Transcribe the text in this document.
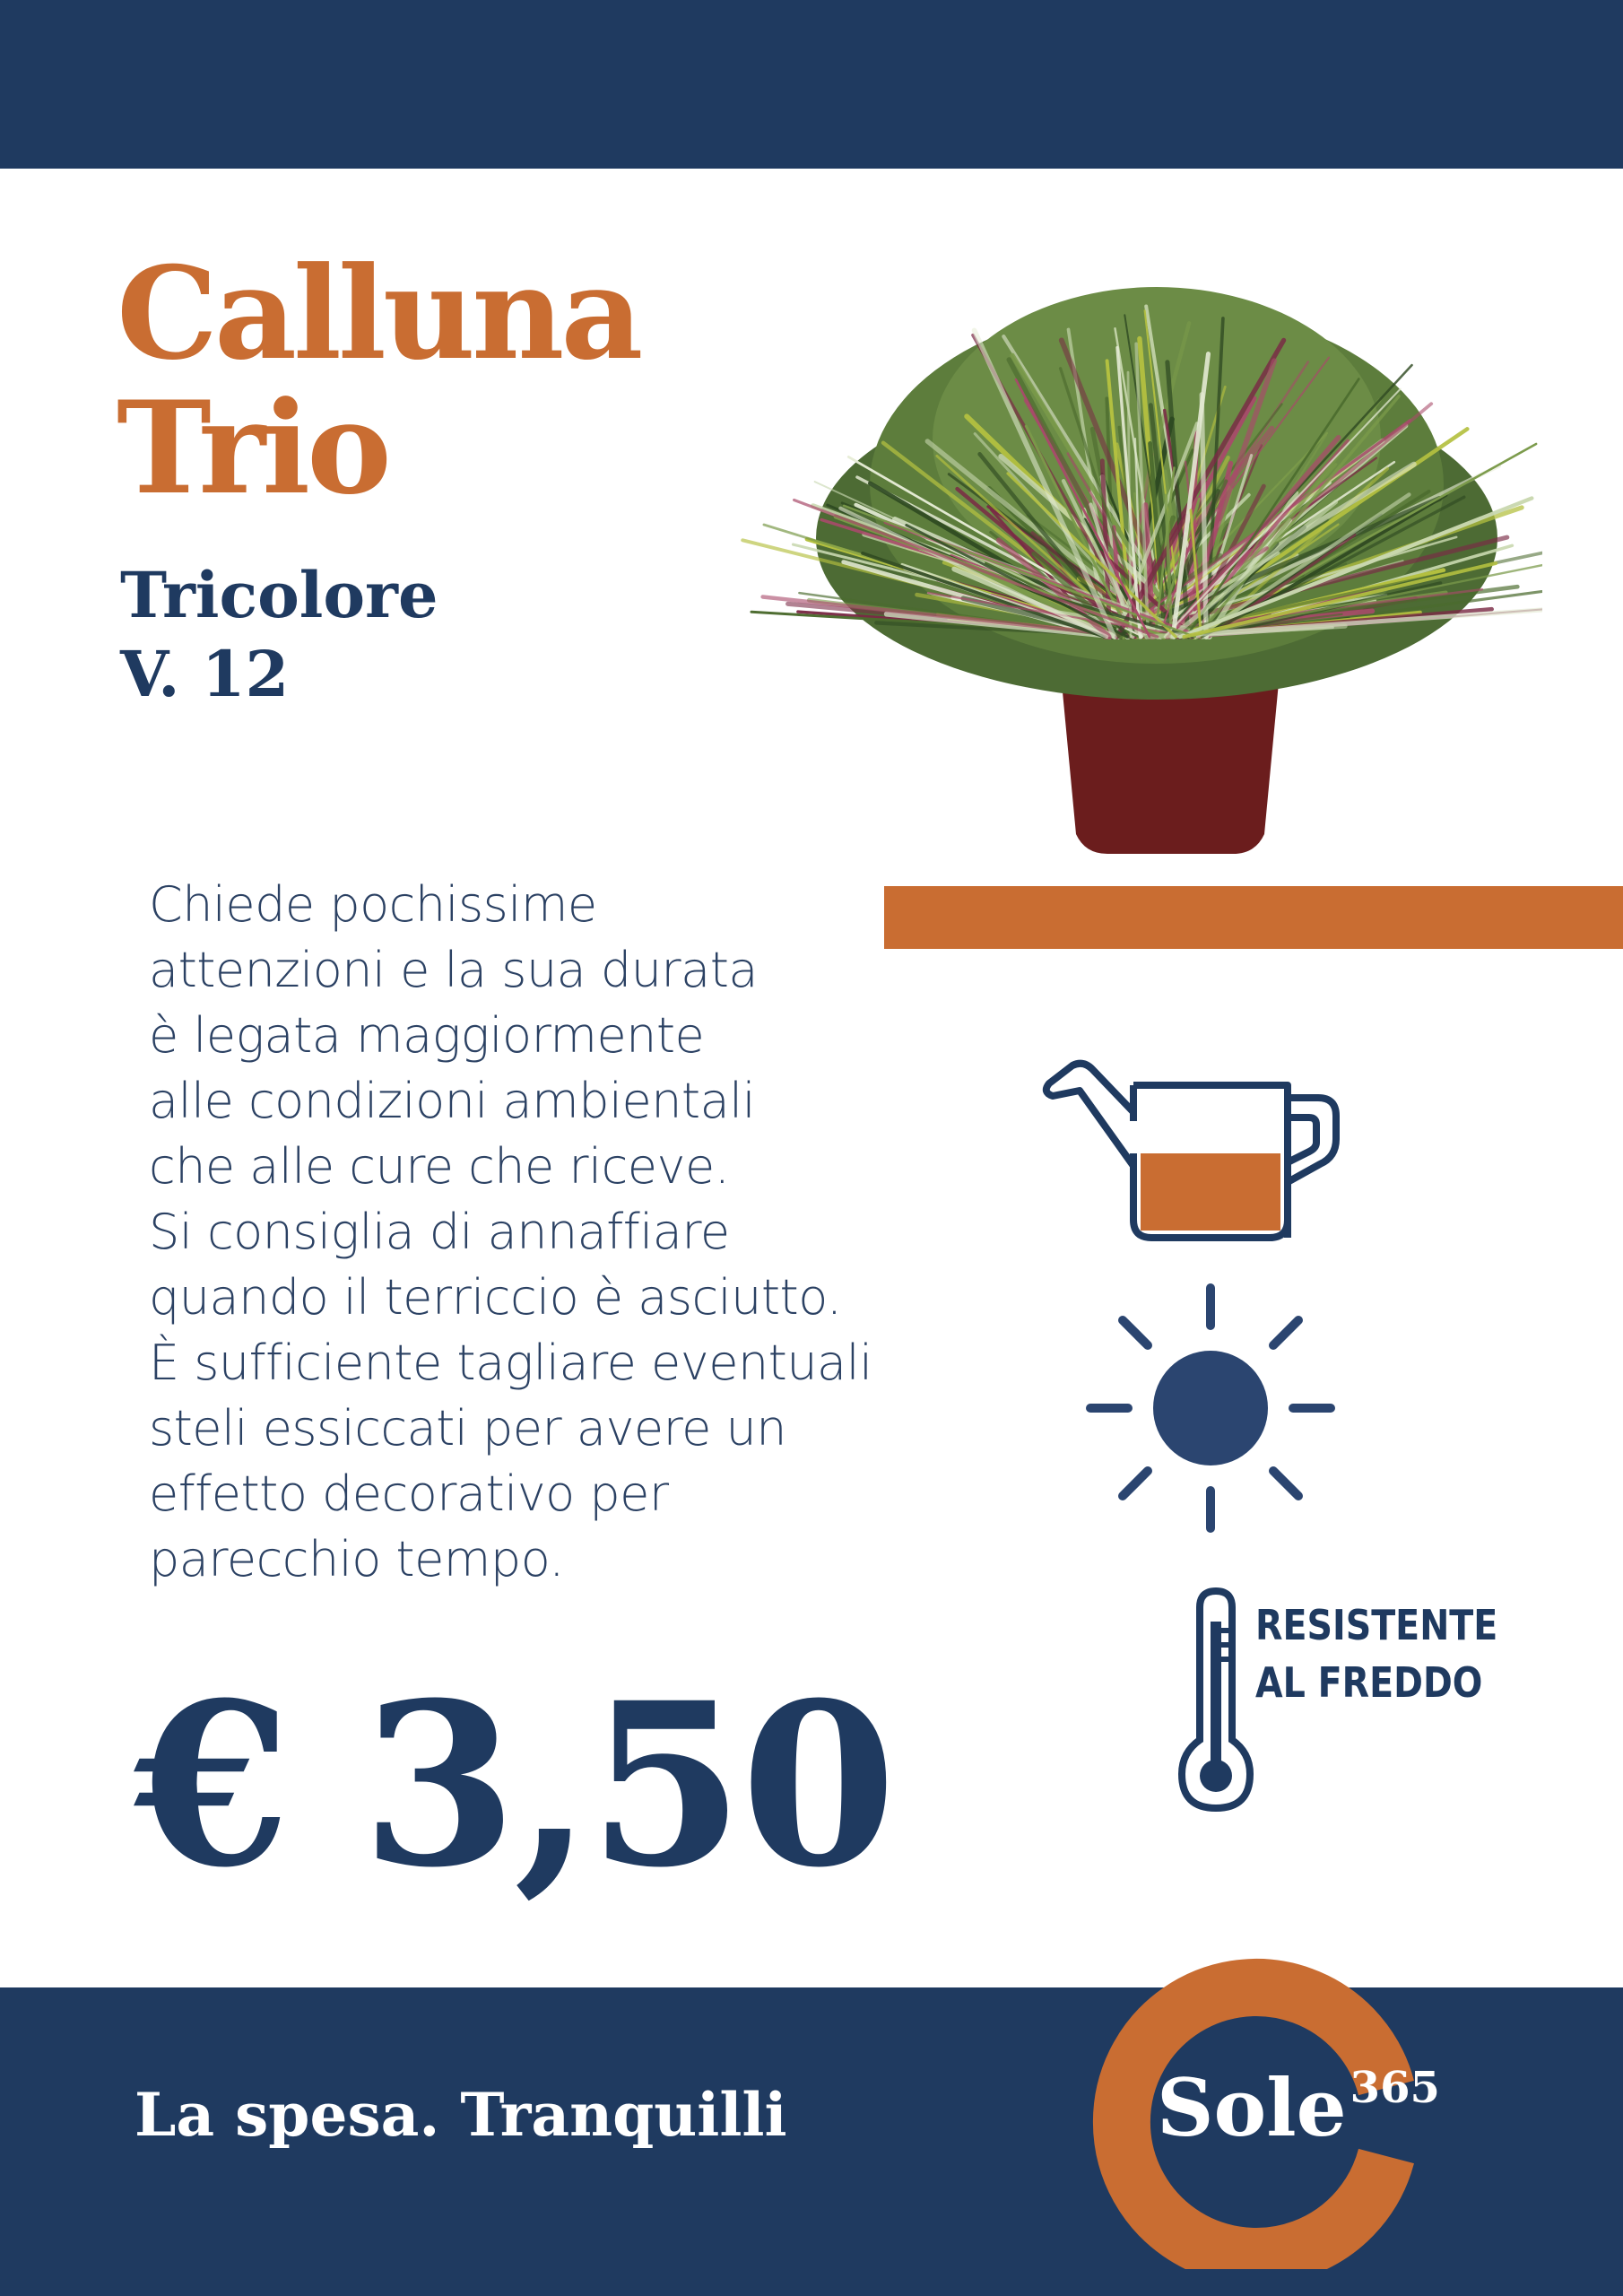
Calluna
Trio
Tricolore
V. 12
Chiede pochissime
attenzioni e la sua durata
è legata maggiormente
alle condizioni ambientali
che alle cure che riceve.
Si consiglia di annaffiare
quando il terriccio è asciutto.
È sufficiente tagliare eventuali
steli essiccati per avere un
effetto decorativo per
parecchio tempo.
RESISTENTE
AL FREDDO
€ 3,50
La spesa. Tranquilli	Sole$^{365}$
